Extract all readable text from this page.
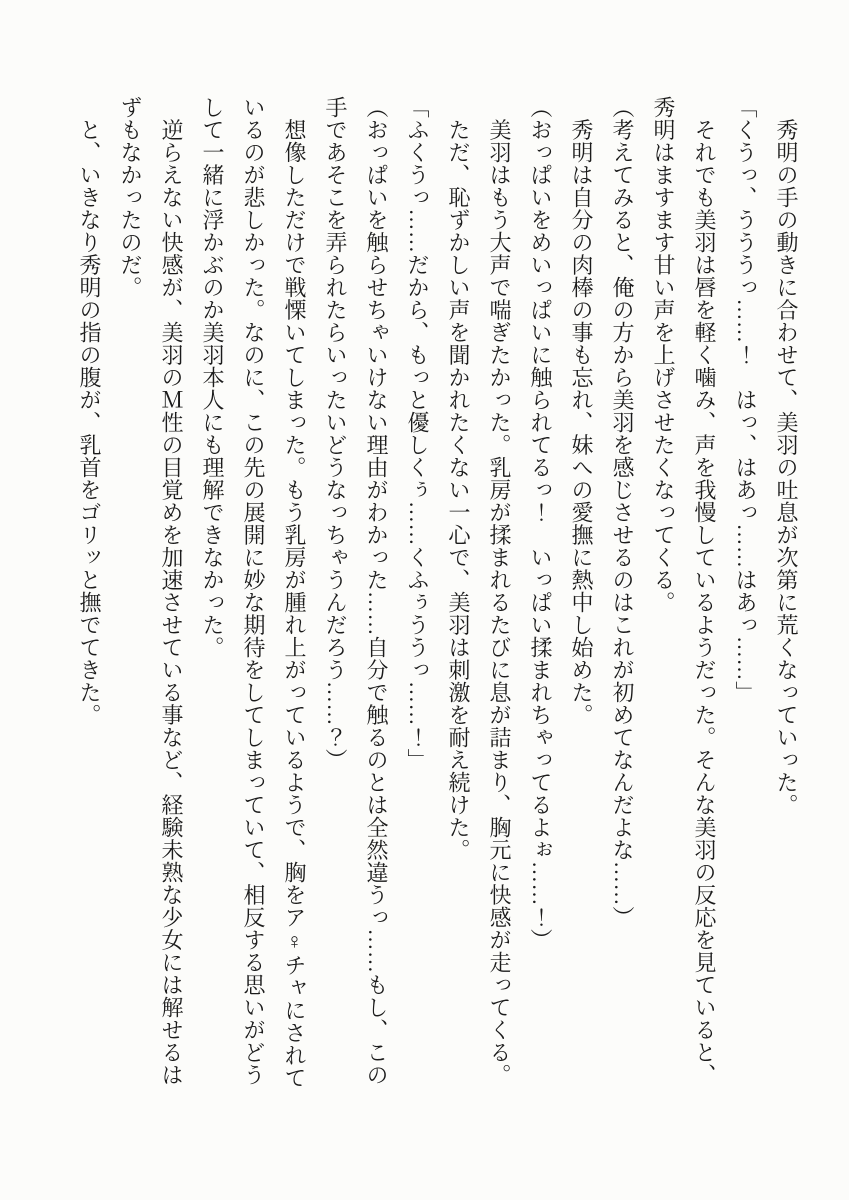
　秀明の手の動きに合わせて、美羽の吐息が次第に荒くなっていった。

「くうっ、うううっ……！　はっ、はあっ……はあっ……」

　それでも美羽は唇を軽く噛み、声を我慢しているようだった。そんな美羽の反応を見ていると、

秀明はますます甘い声を上げさせたくなってくる。

（考えてみると、俺の方から美羽を感じさせるのはこれが初めてなんだよな……）

　秀明は自分の肉棒の事も忘れ、妹への愛撫に熱中し始めた。

（おっぱいをめいっぱいに触られてるっ！　いっぱい揉まれちゃってるよぉ……！）

　美羽はもう大声で喘ぎたかった。乳房が揉まれるたびに息が詰まり、胸元に快感が走ってくる。

　ただ、恥ずかしい声を聞かれたくない一心で、美羽は刺激を耐え続けた。

「ふくうっ……だから、もっと優しくぅ……くふぅううっ……！」

（おっぱいを触らせちゃいけない理由がわかった……自分で触るのとは全然違うっ……もし、この

手であそこを弄られたらいったいどうなっちゃうんだろう……？）

　想像しただけで戦慄いてしまった。もう乳房が腫れ上がっているようで、胸をア♀チャにされて

いるのが悲しかった。なのに、この先の展開に妙な期待をしてしまっていて、相反する思いがどう

して一緒に浮かぶのか美羽本人にも理解できなかった。

　逆らえない快感が、美羽のＭ性の目覚めを加速させている事など、経験未熟な少女には解せるは

ずもなかったのだ。

　と、いきなり秀明の指の腹が、乳首をゴリッと撫でてきた。
